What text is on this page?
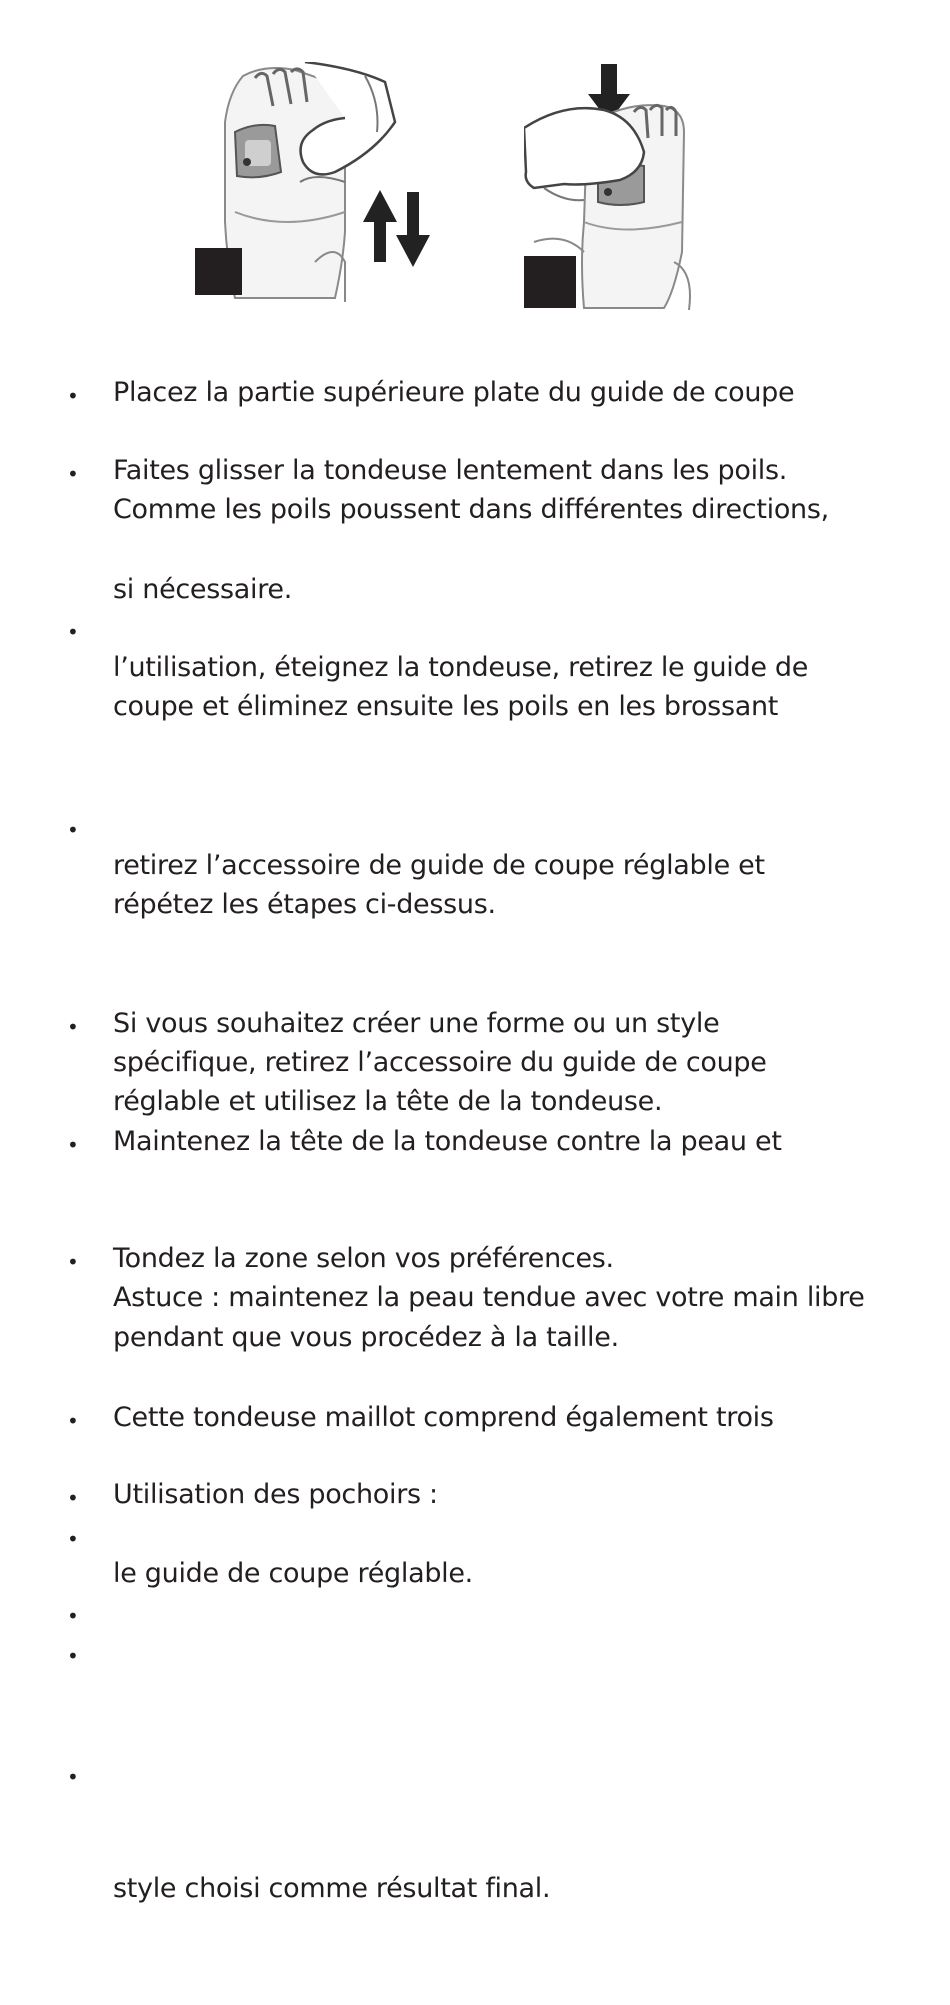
•
•
•
•
•
•
•
•
•
•
•
•
•
Placez la partie supérieure plate du guide de coupe
Faites glisser la tondeuse lentement dans les poils.
Comme les poils poussent dans différentes directions,
si nécessaire.
l’utilisation, éteignez la tondeuse, retirez le guide de
coupe et éliminez ensuite les poils en les brossant
retirez l’accessoire de guide de coupe réglable et
répétez les étapes ci-dessus.
Si vous souhaitez créer une forme ou un style
spécifique, retirez l’accessoire du guide de coupe
réglable et utilisez la tête de la tondeuse.
Maintenez la tête de la tondeuse contre la peau et
Tondez la zone selon vos préférences.
Astuce : maintenez la peau tendue avec votre main libre
pendant que vous procédez à la taille.
Cette tondeuse maillot comprend également trois
Utilisation des pochoirs :
le guide de coupe réglable.
style choisi comme résultat final.
